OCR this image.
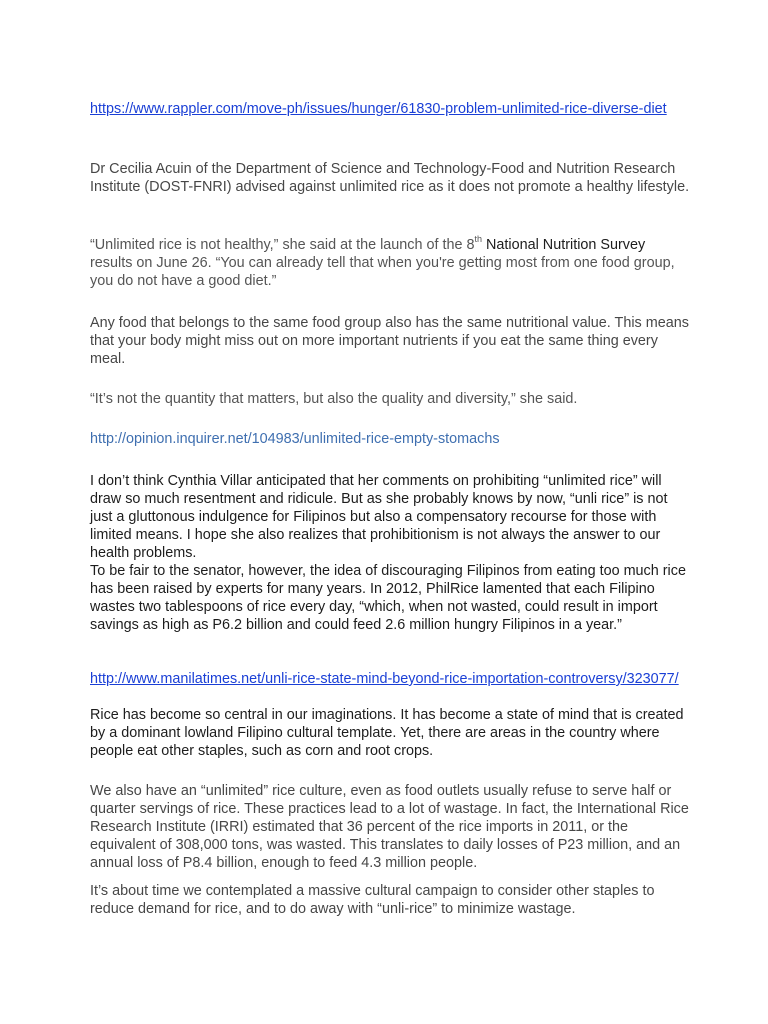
https://www.rappler.com/move-ph/issues/hunger/61830-problem-unlimited-rice-diverse-diet

Dr Cecilia Acuin of the Department of Science and Technology-Food and Nutrition Research Institute (DOST-FNRI) advised against unlimited rice as it does not promote a healthy lifestyle.

“Unlimited rice is not healthy,” she said at the launch of the 8th National Nutrition Survey results on June 26. “You can already tell that when you're getting most from one food group, you do not have a good diet.”

Any food that belongs to the same food group also has the same nutritional value. This means that your body might miss out on more important nutrients if you eat the same thing every meal.

“It’s not the quantity that matters, but also the quality and diversity,” she said.

http://opinion.inquirer.net/104983/unlimited-rice-empty-stomachs

I don’t think Cynthia Villar anticipated that her comments on prohibiting “unlimited rice” will draw so much resentment and ridicule. But as she probably knows by now, “unli rice” is not just a gluttonous indulgence for Filipinos but also a compensatory recourse for those with limited means. I hope she also realizes that prohibitionism is not always the answer to our health problems.

To be fair to the senator, however, the idea of discouraging Filipinos from eating too much rice has been raised by experts for many years. In 2012, PhilRice lamented that each Filipino wastes two tablespoons of rice every day, “which, when not wasted, could result in import savings as high as P6.2 billion and could feed 2.6 million hungry Filipinos in a year.”

http://www.manilatimes.net/unli-rice-state-mind-beyond-rice-importation-controversy/323077/

Rice has become so central in our imaginations. It has become a state of mind that is created by a dominant lowland Filipino cultural template. Yet, there are areas in the country where people eat other staples, such as corn and root crops.

We also have an “unlimited” rice culture, even as food outlets usually refuse to serve half or quarter servings of rice. These practices lead to a lot of wastage. In fact, the International Rice Research Institute (IRRI) estimated that 36 percent of the rice imports in 2011, or the equivalent of 308,000 tons, was wasted. This translates to daily losses of P23 million, and an annual loss of P8.4 billion, enough to feed 4.3 million people.

It’s about time we contemplated a massive cultural campaign to consider other staples to reduce demand for rice, and to do away with “unli-rice” to minimize wastage.
